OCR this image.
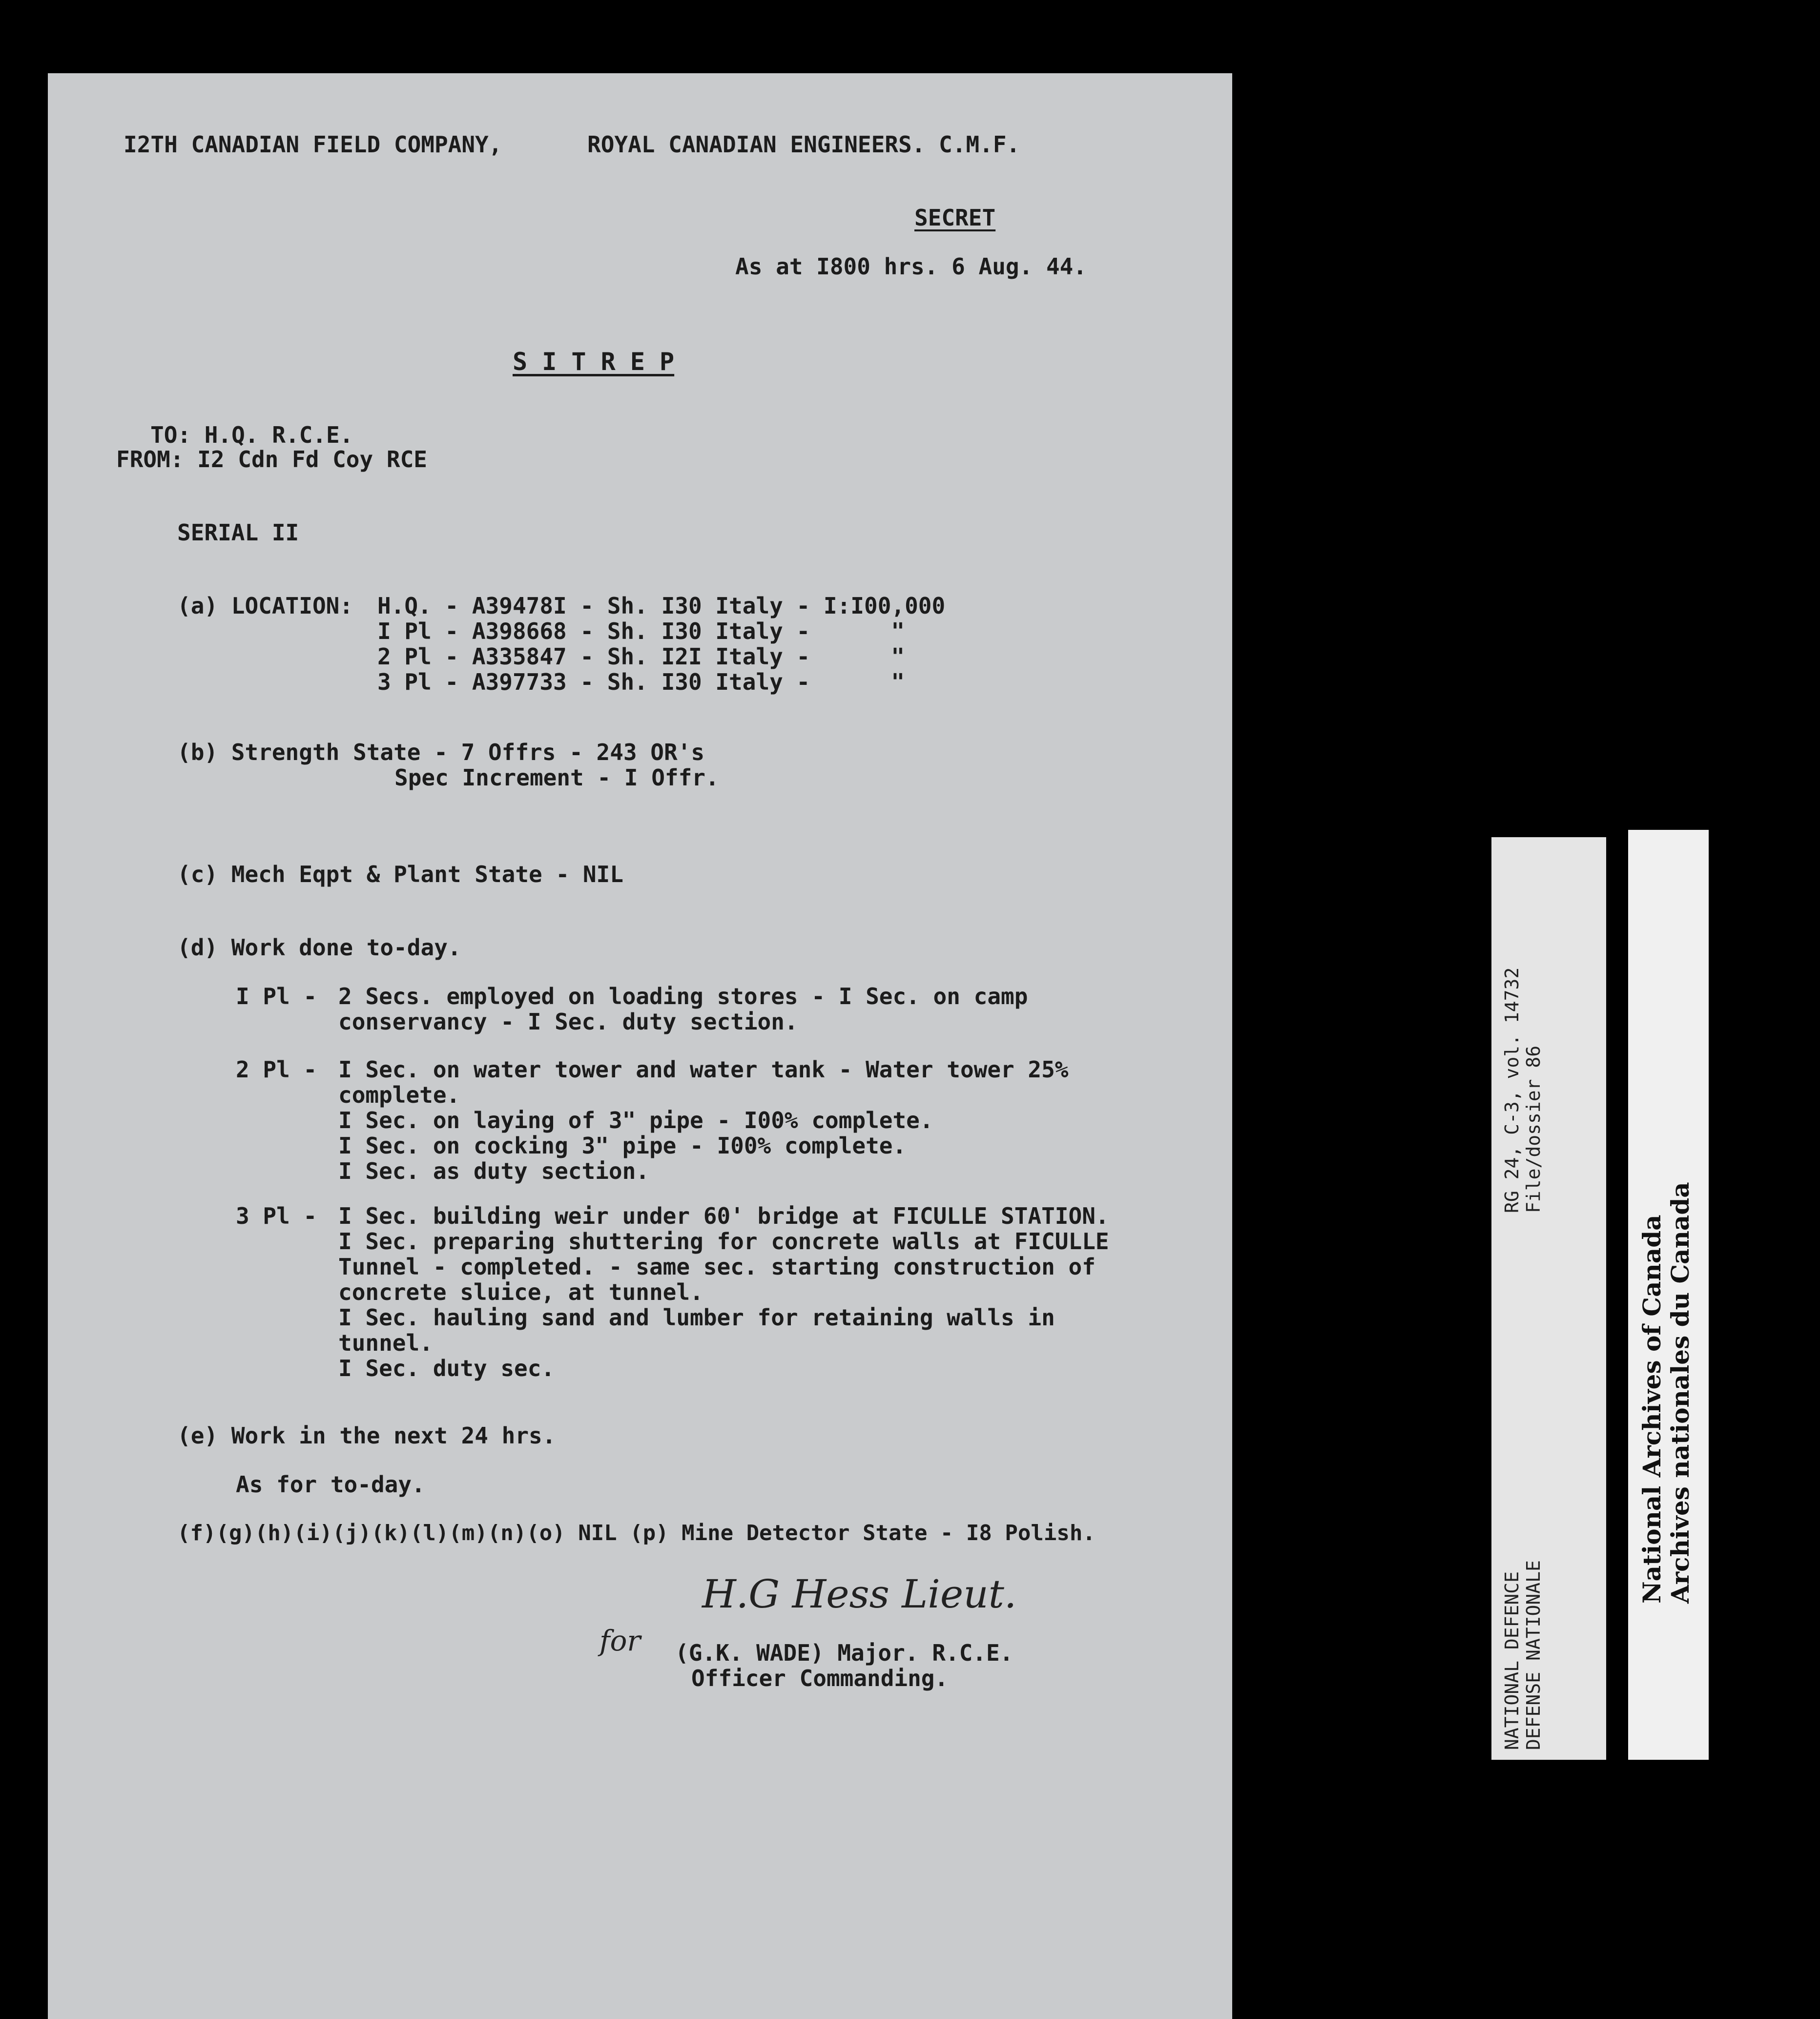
I2TH CANADIAN FIELD COMPANY,	ROYAL CANADIAN ENGINEERS. C.M.F.
SECRET
As at I800 hrs. 6 Aug. 44.
S I T R E P
TO: H.Q. R.C.E.
FROM: I2 Cdn Fd Coy RCE
SERIAL II
(a) LOCATION: H.Q. - A39478I - Sh. I30 Italy - I:I00,000
I Pl - A398668 - Sh. I30 Italy -      "
2 Pl - A335847 - Sh. I2I Italy -      "
3 Pl - A397733 - Sh. I30 Italy -      "
(b) Strength State - 7 Offrs - 243 OR's
Spec Increment - I Offr.
(c) Mech Eqpt & Plant State - NIL
(d) Work done to-day.
I Pl - 2 Secs. employed on loading stores - I Sec. on camp
conservancy - I Sec. duty section.
2 Pl - I Sec. on water tower and water tank - Water tower 25%
complete.
I Sec. on laying of 3" pipe - I00% complete.
I Sec. on cocking 3" pipe - I00% complete.
I Sec. as duty section.
3 Pl - I Sec. building weir under 60' bridge at FICULLE STATION.
I Sec. preparing shuttering for concrete walls at FICULLE
Tunnel - completed. - same sec. starting construction of
concrete sluice, at tunnel.
I Sec. hauling sand and lumber for retaining walls in
tunnel.
I Sec. duty sec.
(e) Work in the next 24 hrs.
As for to-day.
(f)(g)(h)(i)(j)(k)(l)(m)(n)(o) NIL (p) Mine Detector State - I8 Polish.
H.G Hess Lieut.
for (G.K. WADE) Major. R.C.E.
Officer Commanding.	NATIONAL DEFENCE
DEFENSE NATIONALE
RG 24, C-3, vol. 14732
File/dossier 86
National Archives of Canada
Archives nationales du Canada
